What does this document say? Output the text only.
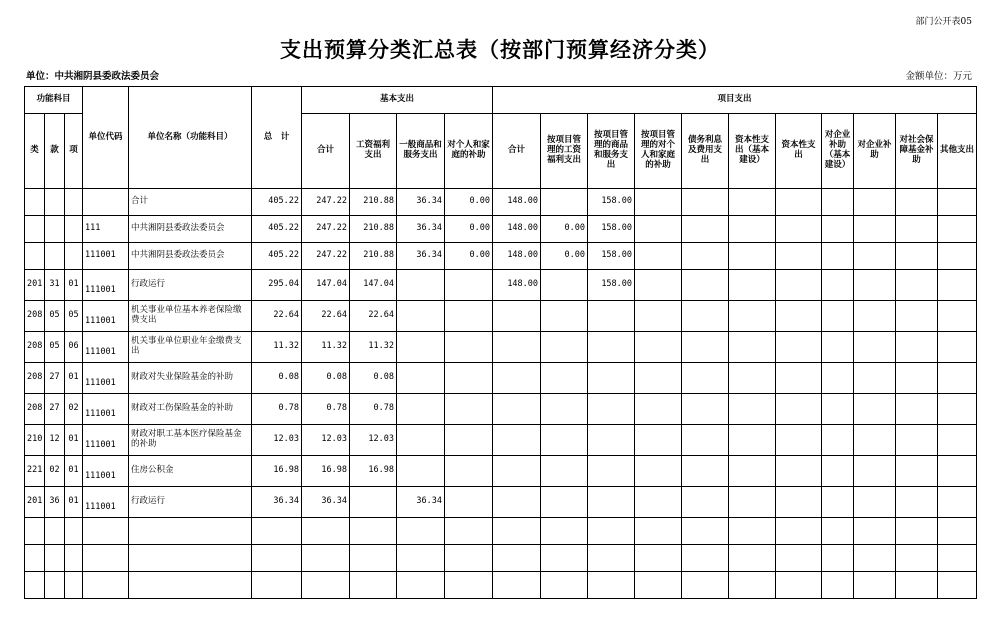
部门公开表05
支出预算分类汇总表（按部门预算经济分类）
单位：中共湘阴县委政法委员会	金额单位：万元
功能科目			单位代码	单位名称（功能科目）	总　计	基本支出				项目支出										
类	款	项				合计	工资福利支出	一般商品和服务支出	对个人和家庭的补助	合计	按项目管理的工资福利支出	按项目管理的商品和服务支出	按项目管理的对个人和家庭的补助	债务利息及费用支出	资本性支出（基本建设）	资本性支出	对企业补助（基本建设）	对企业补助	对社会保障基金补助	其他支出
				合计	405.22	247.22	210.88	36.34	0.00	148.00		158.00								
			111	中共湘阴县委政法委员会	405.22	247.22	210.88	36.34	0.00	148.00	0.00	158.00								
			111001	中共湘阴县委政法委员会	405.22	247.22	210.88	36.34	0.00	148.00	0.00	158.00								
201	31	01	111001	行政运行	295.04	147.04	147.04			148.00		158.00								
208	05	05	111001	机关事业单位基本养老保险缴费支出	22.64	22.64	22.64													
208	05	06	111001	机关事业单位职业年金缴费支出	11.32	11.32	11.32													
208	27	01	111001	财政对失业保险基金的补助	0.08	0.08	0.08													
208	27	02	111001	财政对工伤保险基金的补助	0.78	0.78	0.78													
210	12	01	111001	财政对职工基本医疗保险基金的补助	12.03	12.03	12.03													
221	02	01	111001	住房公积金	16.98	16.98	16.98													
201	36	01	111001	行政运行	36.34	36.34		36.34												
